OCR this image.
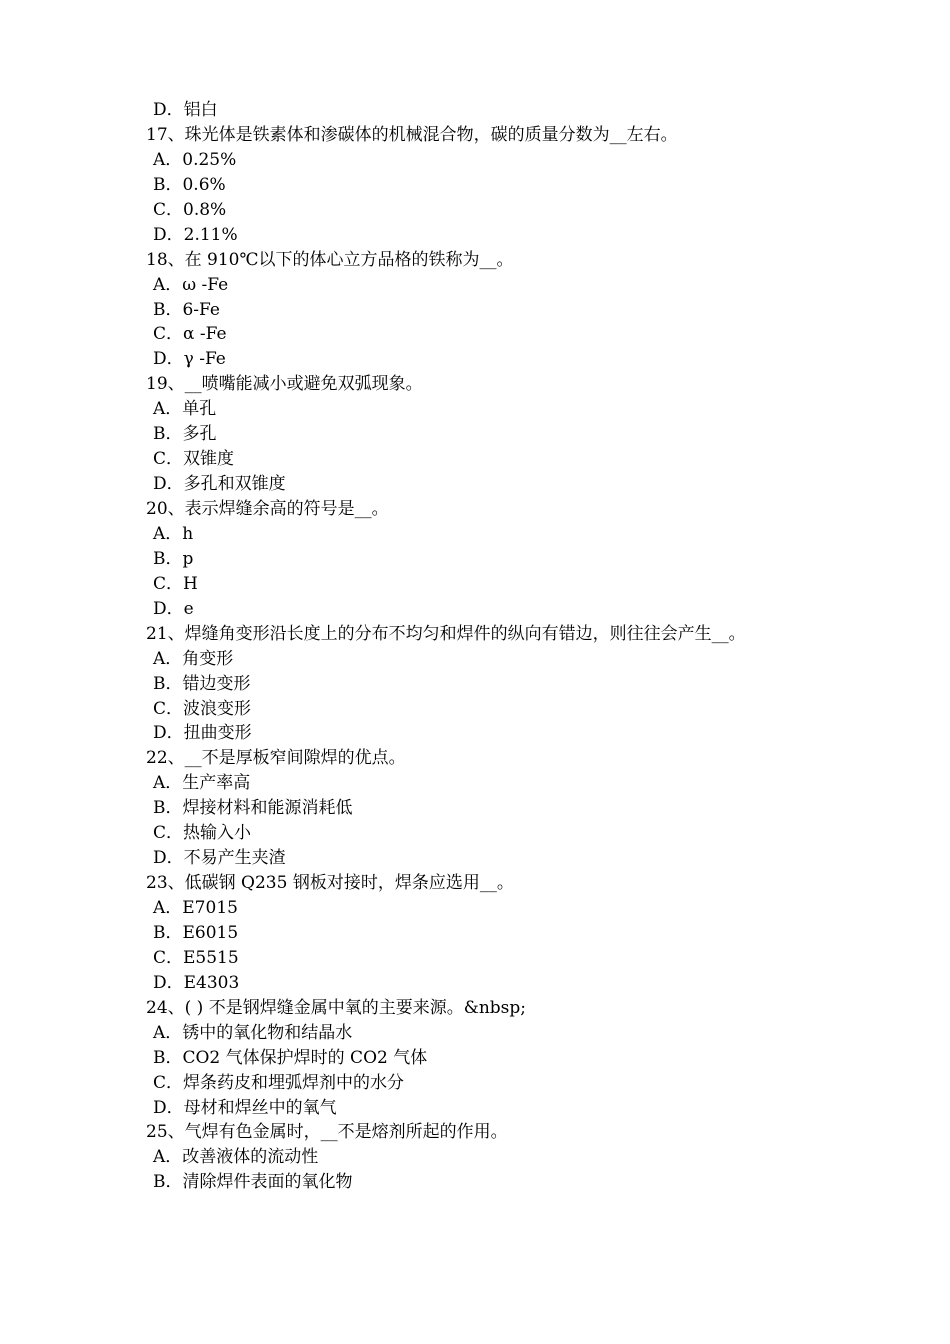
D．铝白
17、珠光体是铁素体和渗碳体的机械混合物，碳的质量分数为__左右。
A．0.25%
B．0.6%
C．0.8%
D．2.11%
18、在 910℃以下的体心立方品格的铁称为__。
A．ω -Fe
B．6-Fe
C．α -Fe
D．γ -Fe
19、__喷嘴能减小或避免双弧现象。
A．单孔
B．多孔
C．双锥度
D．多孔和双锥度
20、表示焊缝余高的符号是__。
A．h
B．p
C．H
D．e
21、焊缝角变形沿长度上的分布不均匀和焊件的纵向有错边，则往往会产生__。
A．角变形
B．错边变形
C．波浪变形
D．扭曲变形
22、__不是厚板窄间隙焊的优点。
A．生产率高
B．焊接材料和能源消耗低
C．热输入小
D．不易产生夹渣
23、低碳钢 Q235 钢板对接时，焊条应选用__。
A．E7015
B．E6015
C．E5515
D．E4303
24、( ) 不是钢焊缝金属中氧的主要来源。&nbsp;
A．锈中的氧化物和结晶水
B．CO2 气体保护焊时的 CO2 气体
C．焊条药皮和埋弧焊剂中的水分
D．母材和焊丝中的氧气
25、气焊有色金属时，__不是熔剂所起的作用。
A．改善液体的流动性
B．清除焊件表面的氧化物
